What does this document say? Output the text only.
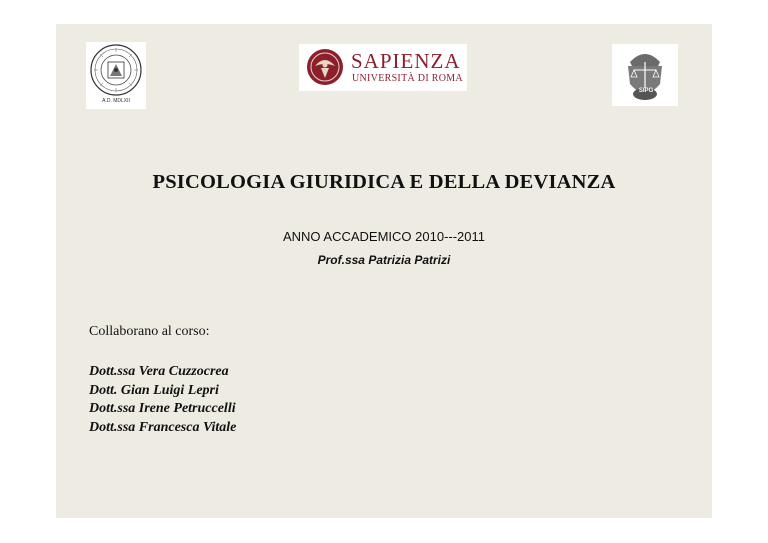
A.D. MDLXII
SAPIENZA
UNIVERSITÀ DI ROMA
SIPG
PSICOLOGIA GIURIDICA E DELLA DEVIANZA
ANNO ACCADEMICO 2010---2011
Prof.ssa Patrizia Patrizi
Collaborano al corso:
Dott.ssa Vera Cuzzocrea
Dott. Gian Luigi Lepri
Dott.ssa Irene Petruccelli
Dott.ssa Francesca Vitale
